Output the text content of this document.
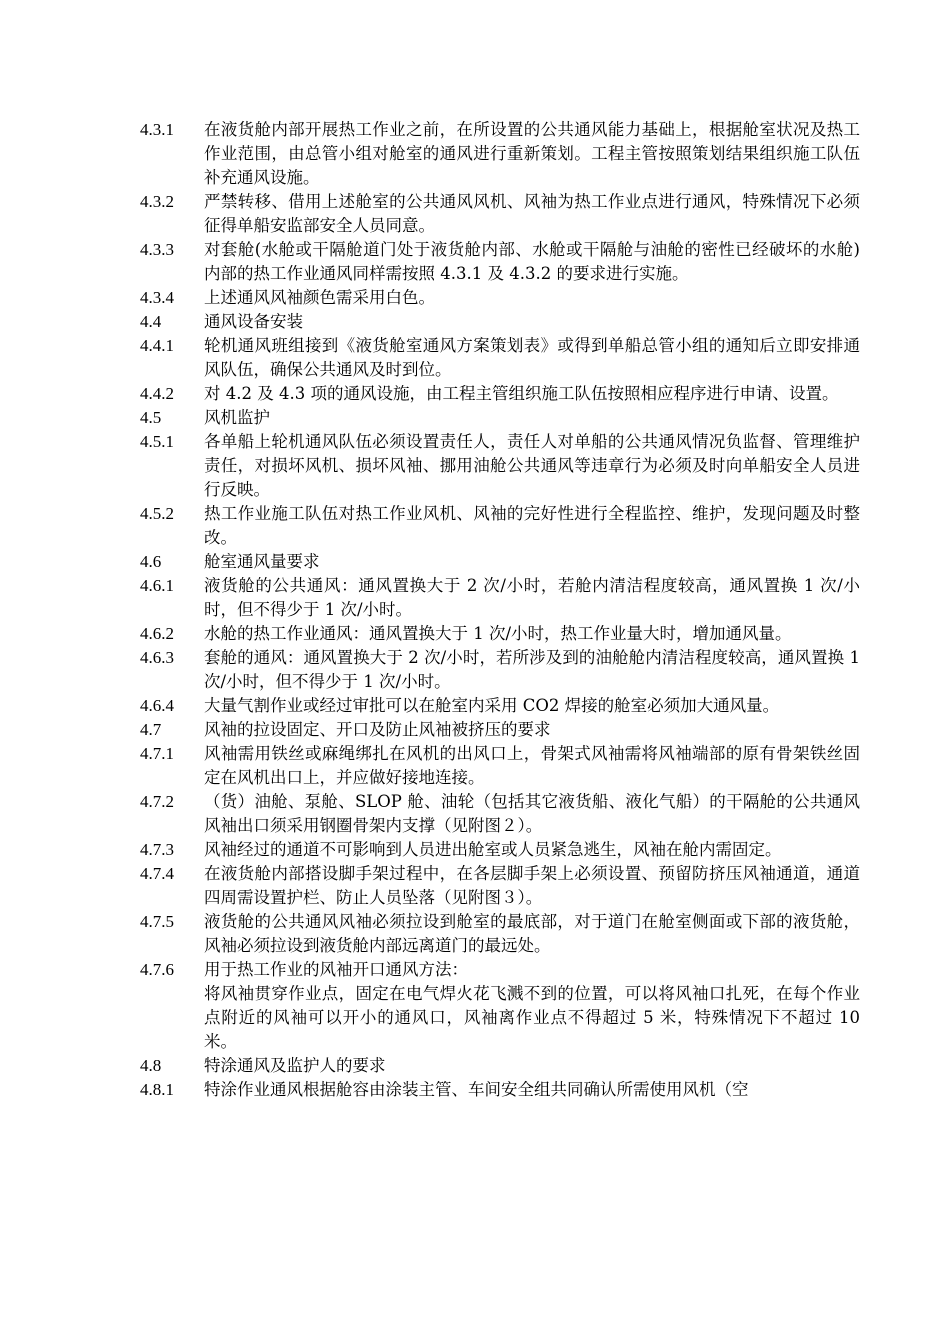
4.3.1	在液货舱内部开展热工作业之前，在所设置的公共通风能力基础上，根据舱室状况及热工作业范围，由总管小组对舱室的通风进行重新策划。工程主管按照策划结果组织施工队伍补充通风设施。

4.3.2	严禁转移、借用上述舱室的公共通风风机、风袖为热工作业点进行通风，特殊情况下必须征得单船安监部安全人员同意。

4.3.3	对套舱(水舱或干隔舱道门处于液货舱内部、水舱或干隔舱与油舱的密性已经破坏的水舱)内部的热工作业通风同样需按照 4.3.1 及 4.3.2 的要求进行实施。

4.3.4	上述通风风袖颜色需采用白色。

4.4	通风设备安装

4.4.1	轮机通风班组接到《液货舱室通风方案策划表》或得到单船总管小组的通知后立即安排通风队伍，确保公共通风及时到位。

4.4.2	对 4.2 及 4.3 项的通风设施，由工程主管组织施工队伍按照相应程序进行申请、设置。

4.5	风机监护

4.5.1	各单船上轮机通风队伍必须设置责任人，责任人对单船的公共通风情况负监督、管理维护责任，对损坏风机、损坏风袖、挪用油舱公共通风等违章行为必须及时向单船安全人员进行反映。

4.5.2	热工作业施工队伍对热工作业风机、风袖的完好性进行全程监控、维护，发现问题及时整改。

4.6	舱室通风量要求

4.6.1	液货舱的公共通风：通风置换大于 2 次/小时，若舱内清洁程度较高，通风置换 1 次/小时，但不得少于 1 次/小时。

4.6.2	水舱的热工作业通风：通风置换大于 1 次/小时，热工作业量大时，增加通风量。

4.6.3	套舱的通风：通风置换大于 2 次/小时，若所涉及到的油舱舱内清洁程度较高，通风置换 1 次/小时，但不得少于 1 次/小时。

4.6.4	大量气割作业或经过审批可以在舱室内采用 CO2 焊接的舱室必须加大通风量。

4.7	风袖的拉设固定、开口及防止风袖被挤压的要求

4.7.1	风袖需用铁丝或麻绳绑扎在风机的出风口上，骨架式风袖需将风袖端部的原有骨架铁丝固定在风机出口上，并应做好接地连接。

4.7.2	（货）油舱、泵舱、SLOP 舱、油轮（包括其它液货船、液化气船）的干隔舱的公共通风风袖出口须采用钢圈骨架内支撑（见附图２）。

4.7.3	风袖经过的通道不可影响到人员进出舱室或人员紧急逃生，风袖在舱内需固定。

4.7.4	在液货舱内部搭设脚手架过程中，在各层脚手架上必须设置、预留防挤压风袖通道，通道四周需设置护栏、防止人员坠落（见附图３）。

4.7.5	液货舱的公共通风风袖必须拉设到舱室的最底部，对于道门在舱室侧面或下部的液货舱，风袖必须拉设到液货舱内部远离道门的最远处。

4.7.6	用于热工作业的风袖开口通风方法：

将风袖贯穿作业点，固定在电气焊火花飞溅不到的位置，可以将风袖口扎死，在每个作业点附近的风袖可以开小的通风口，风袖离作业点不得超过 5 米，特殊情况下不超过 10 米。

4.8	特涂通风及监护人的要求

4.8.1	特涂作业通风根据舱容由涂装主管、车间安全组共同确认所需使用风机（空
